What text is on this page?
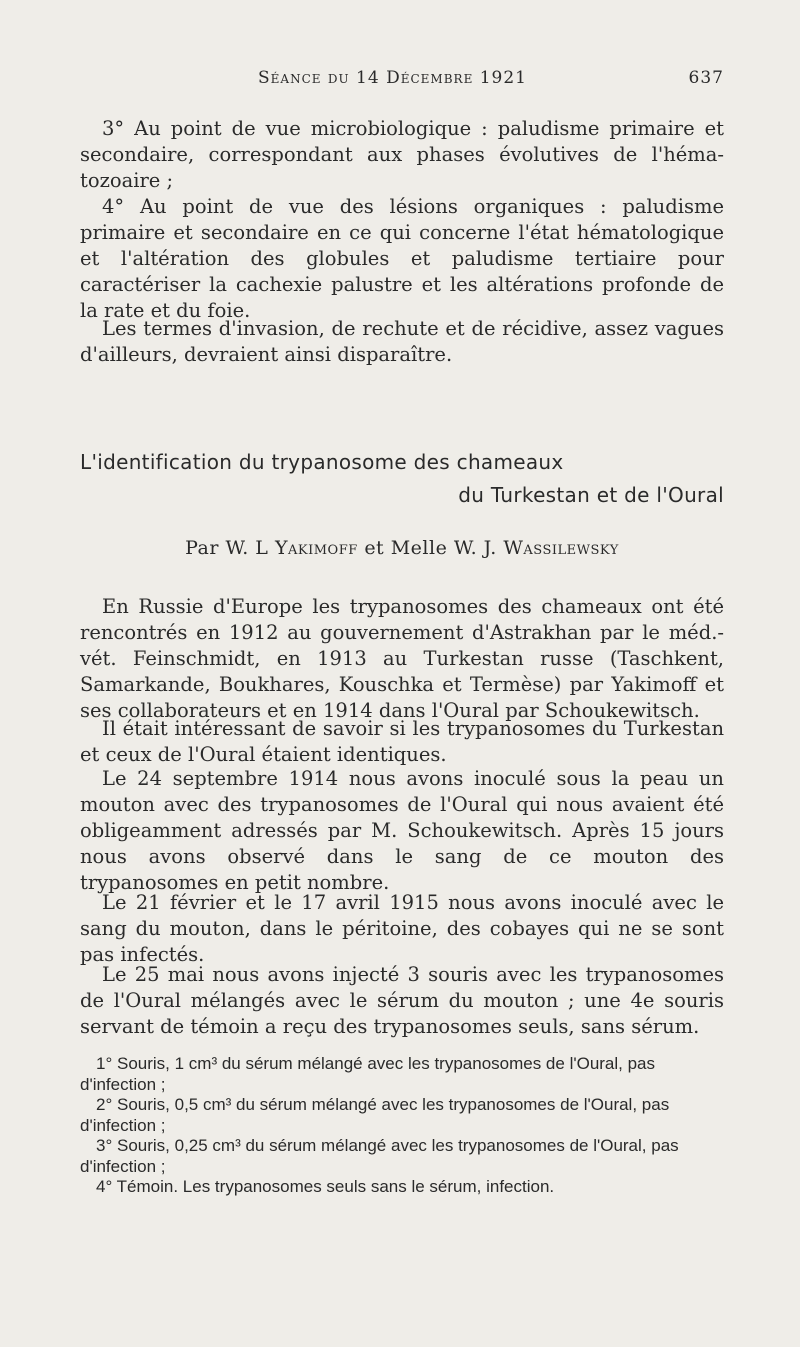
Séance du 14 Décembre 1921	637

3° Au point de vue microbiologique : paludisme primaire et secondaire, correspondant aux phases évolutives de l'héma-tozoaire ;

4° Au point de vue des lésions organiques : paludisme primaire et secondaire en ce qui concerne l'état hématologique et l'altération des globules et paludisme tertiaire pour caractériser la cachexie palustre et les altérations profonde de la rate et du foie.

Les termes d'invasion, de rechute et de récidive, assez vagues d'ailleurs, devraient ainsi disparaître.

L'identification du trypanosome des chameaux
du Turkestan et de l'Oural
Par W. L Yakimoff et Melle W. J. Wassilewsky

En Russie d'Europe les trypanosomes des chameaux ont été rencontrés en 1912 au gouvernement d'Astrakhan par le méd.-vét. Feinschmidt, en 1913 au Turkestan russe (Taschkent, Samarkande, Boukhares, Kouschka et Termèse) par Yakimoff et ses collaborateurs et en 1914 dans l'Oural par Schoukewitsch.

Il était intéressant de savoir si les trypanosomes du Turkestan et ceux de l'Oural étaient identiques.

Le 24 septembre 1914 nous avons inoculé sous la peau un mouton avec des trypanosomes de l'Oural qui nous avaient été obligeamment adressés par M. Schoukewitsch. Après 15 jours nous avons observé dans le sang de ce mouton des trypanosomes en petit nombre.

Le 21 février et le 17 avril 1915 nous avons inoculé avec le sang du mouton, dans le péritoine, des cobayes qui ne se sont pas infectés.

Le 25 mai nous avons injecté 3 souris avec les trypanosomes de l'Oural mélangés avec le sérum du mouton ; une 4e souris servant de témoin a reçu des trypanosomes seuls, sans sérum.

1° Souris, 1 cm³ du sérum mélangé avec les trypanosomes de l'Oural, pas d'infection ;

2° Souris, 0,5 cm³ du sérum mélangé avec les trypanosomes de l'Oural, pas d'infection ;

3° Souris, 0,25 cm³ du sérum mélangé avec les trypanosomes de l'Oural, pas d'infection ;

4° Témoin. Les trypanosomes seuls sans le sérum, infection.
